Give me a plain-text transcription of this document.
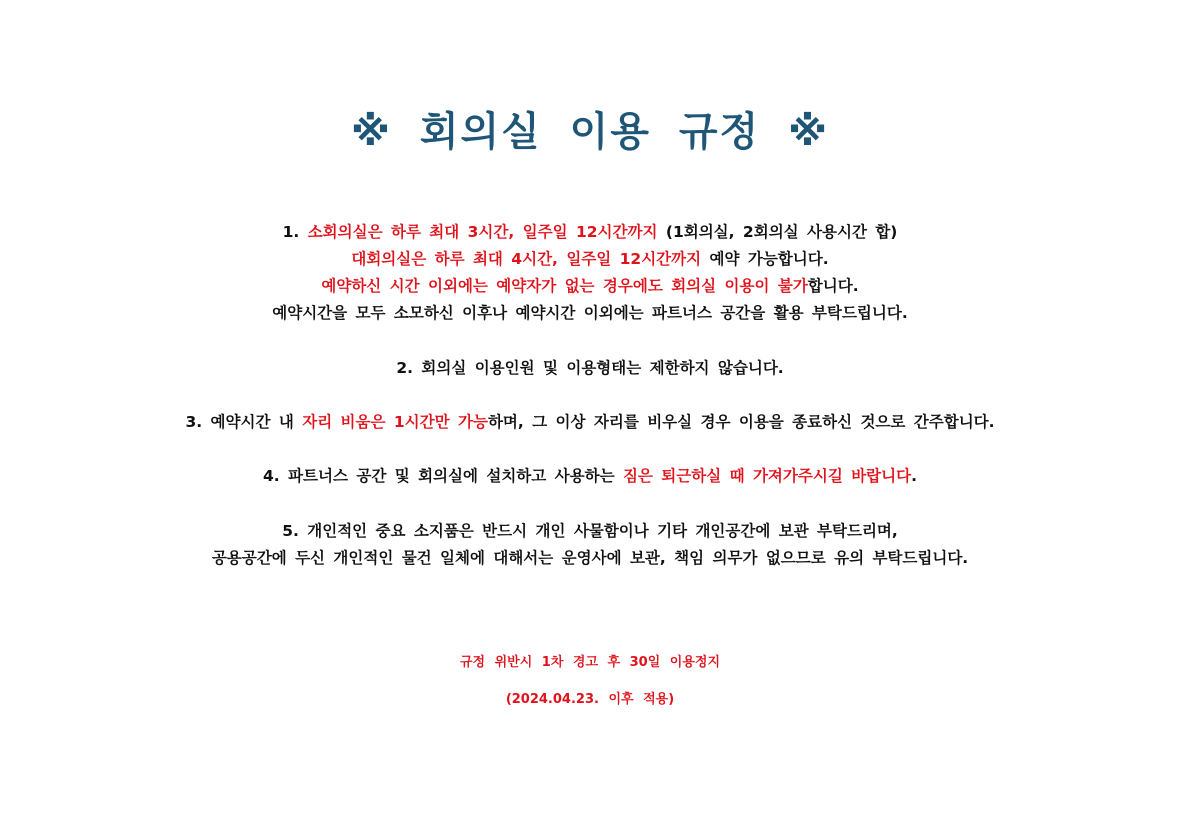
※ 회의실 이용 규정 ※
1. 소회의실은 하루 최대 3시간, 일주일 12시간까지 (1회의실, 2회의실 사용시간 합)
대회의실은 하루 최대 4시간, 일주일 12시간까지 예약 가능합니다.
예약하신 시간 이외에는 예약자가 없는 경우에도 회의실 이용이 불가합니다.
예약시간을 모두 소모하신 이후나 예약시간 이외에는 파트너스 공간을 활용 부탁드립니다.
2. 회의실 이용인원 및 이용형태는 제한하지 않습니다.
3. 예약시간 내 자리 비움은 1시간만 가능하며, 그 이상 자리를 비우실 경우 이용을 종료하신 것으로 간주합니다.
4. 파트너스 공간 및 회의실에 설치하고 사용하는 짐은 퇴근하실 때 가져가주시길 바랍니다.
5. 개인적인 중요 소지품은 반드시 개인 사물함이나 기타 개인공간에 보관 부탁드리며,
공용공간에 두신 개인적인 물건 일체에 대해서는 운영사에 보관, 책임 의무가 없으므로 유의 부탁드립니다.
규정 위반시 1차 경고 후 30일 이용정지
(2024.04.23. 이후 적용)
